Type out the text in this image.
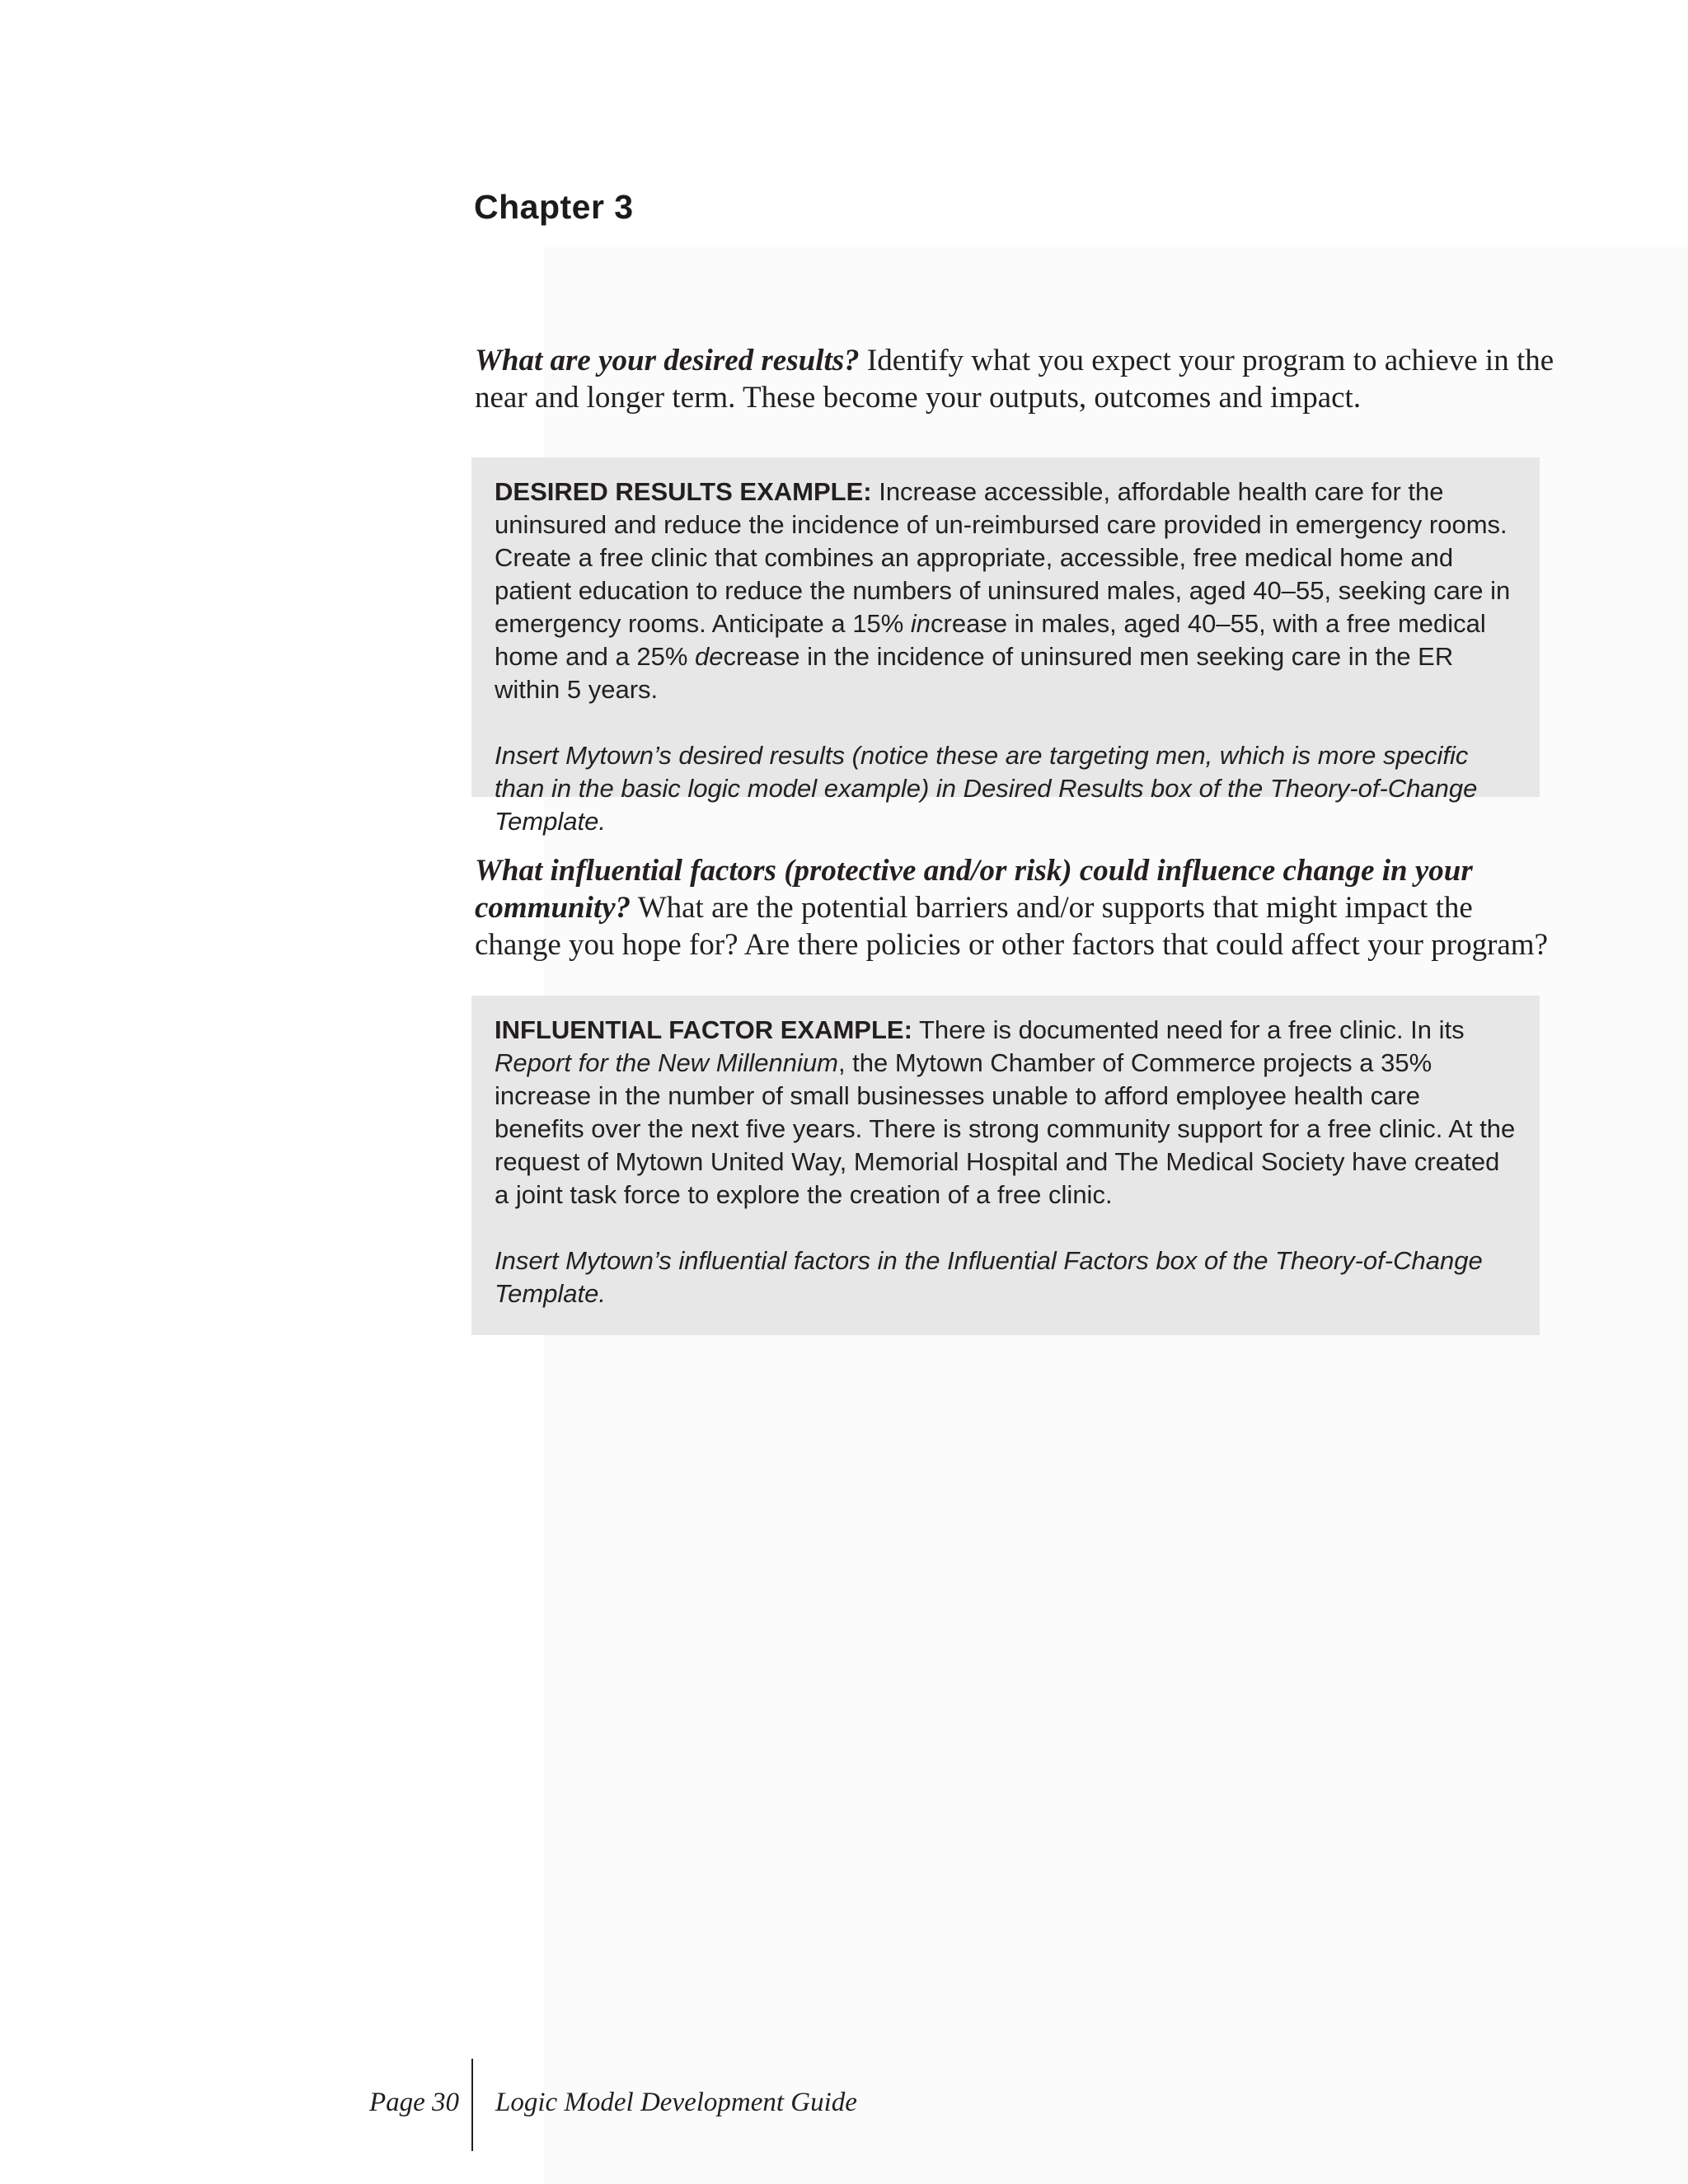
Chapter 3
What are your desired results? Identify what you expect your program to achieve in the near and longer term. These become your outputs, outcomes and impact.

DESIRED RESULTS EXAMPLE: Increase accessible, affordable health care for the uninsured and reduce the incidence of un-reimbursed care provided in emergency rooms. Create a free clinic that combines an appropriate, accessible, free medical home and patient education to reduce the numbers of uninsured males, aged 40–55, seeking care in emergency rooms. Anticipate a 15% increase in males, aged 40–55, with a free medical home and a 25% decrease in the incidence of uninsured men seeking care in the ER within 5 years.

Insert Mytown’s desired results (notice these are targeting men, which is more specific than in the basic logic model example) in Desired Results box of the Theory-of-Change Template.

What influential factors (protective and/or risk) could influence change in your community? What are the potential barriers and/or supports that might impact the change you hope for? Are there policies or other factors that could affect your program?

INFLUENTIAL FACTOR EXAMPLE: There is documented need for a free clinic. In its Report for the New Millennium, the Mytown Chamber of Commerce projects a 35% increase in the number of small businesses unable to afford employee health care benefits over the next five years. There is strong community support for a free clinic. At the request of Mytown United Way, Memorial Hospital and The Medical Society have created a joint task force to explore the creation of a free clinic.

Insert Mytown’s influential factors in the Influential Factors box of the Theory-of-Change Template.

Page 30 Logic Model Development Guide
